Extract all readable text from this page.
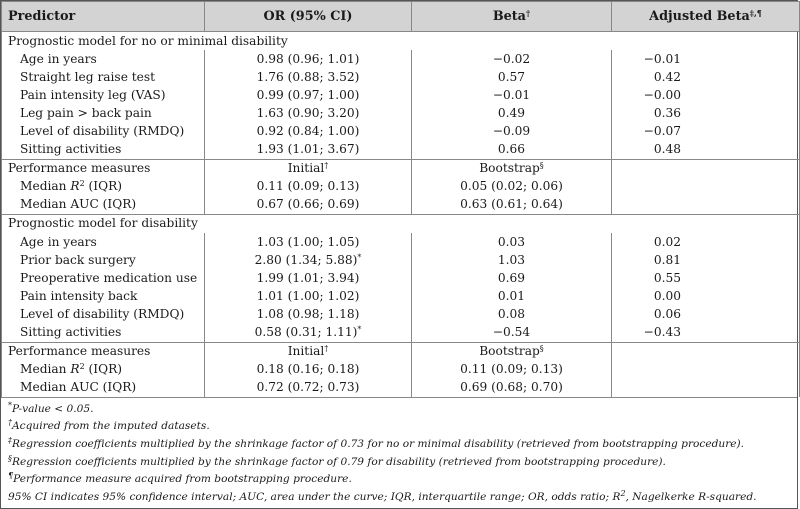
Predictor	OR (95% CI)	Beta†	Adjusted Beta‡,¶
Prognostic model for no or minimal disability			
Age in years	0.98 (0.96; 1.01)	−0.02	−0.01
Straight leg raise test	1.76 (0.88; 3.52)	0.57	0.42
Pain intensity leg (VAS)	0.99 (0.97; 1.00)	−0.01	−0.00
Leg pain > back pain	1.63 (0.90; 3.20)	0.49	0.36
Level of disability (RMDQ)	0.92 (0.84; 1.00)	−0.09	−0.07
Sitting activities	1.93 (1.01; 3.67)	0.66	0.48
Performance measures	Initial†	Bootstrap§	
Median $R^2$ (IQR)	0.11 (0.09; 0.13)	0.05 (0.02; 0.06)	
Median AUC (IQR)	0.67 (0.66; 0.69)	0.63 (0.61; 0.64)	
Prognostic model for disability			
Age in years	1.03 (1.00; 1.05)	0.03	0.02
Prior back surgery	2.80 (1.34; 5.88)*	1.03	0.81
Preoperative medication use	1.99 (1.01; 3.94)	0.69	0.55
Pain intensity back	1.01 (1.00; 1.02)	0.01	0.00
Level of disability (RMDQ)	1.08 (0.98; 1.18)	0.08	0.06
Sitting activities	0.58 (0.31; 1.11)*	−0.54	−0.43
Performance measures	Initial†	Bootstrap§	
Median $R^2$ (IQR)	0.18 (0.16; 0.18)	0.11 (0.09; 0.13)	
Median AUC (IQR)	0.72 (0.72; 0.73)	0.69 (0.68; 0.70)	
*P-value < 0.05.
†Acquired from the imputed datasets.
‡Regression coefficients multiplied by the shrinkage factor of 0.73 for no or minimal disability (retrieved from bootstrapping procedure).
§Regression coefficients multiplied by the shrinkage factor of 0.79 for disability (retrieved from bootstrapping procedure).
¶Performance measure acquired from bootstrapping procedure.
95% CI indicates 95% confidence interval; AUC, area under the curve; IQR, interquartile range; OR, odds ratio; $R^2$, Nagelkerke R-squared.
